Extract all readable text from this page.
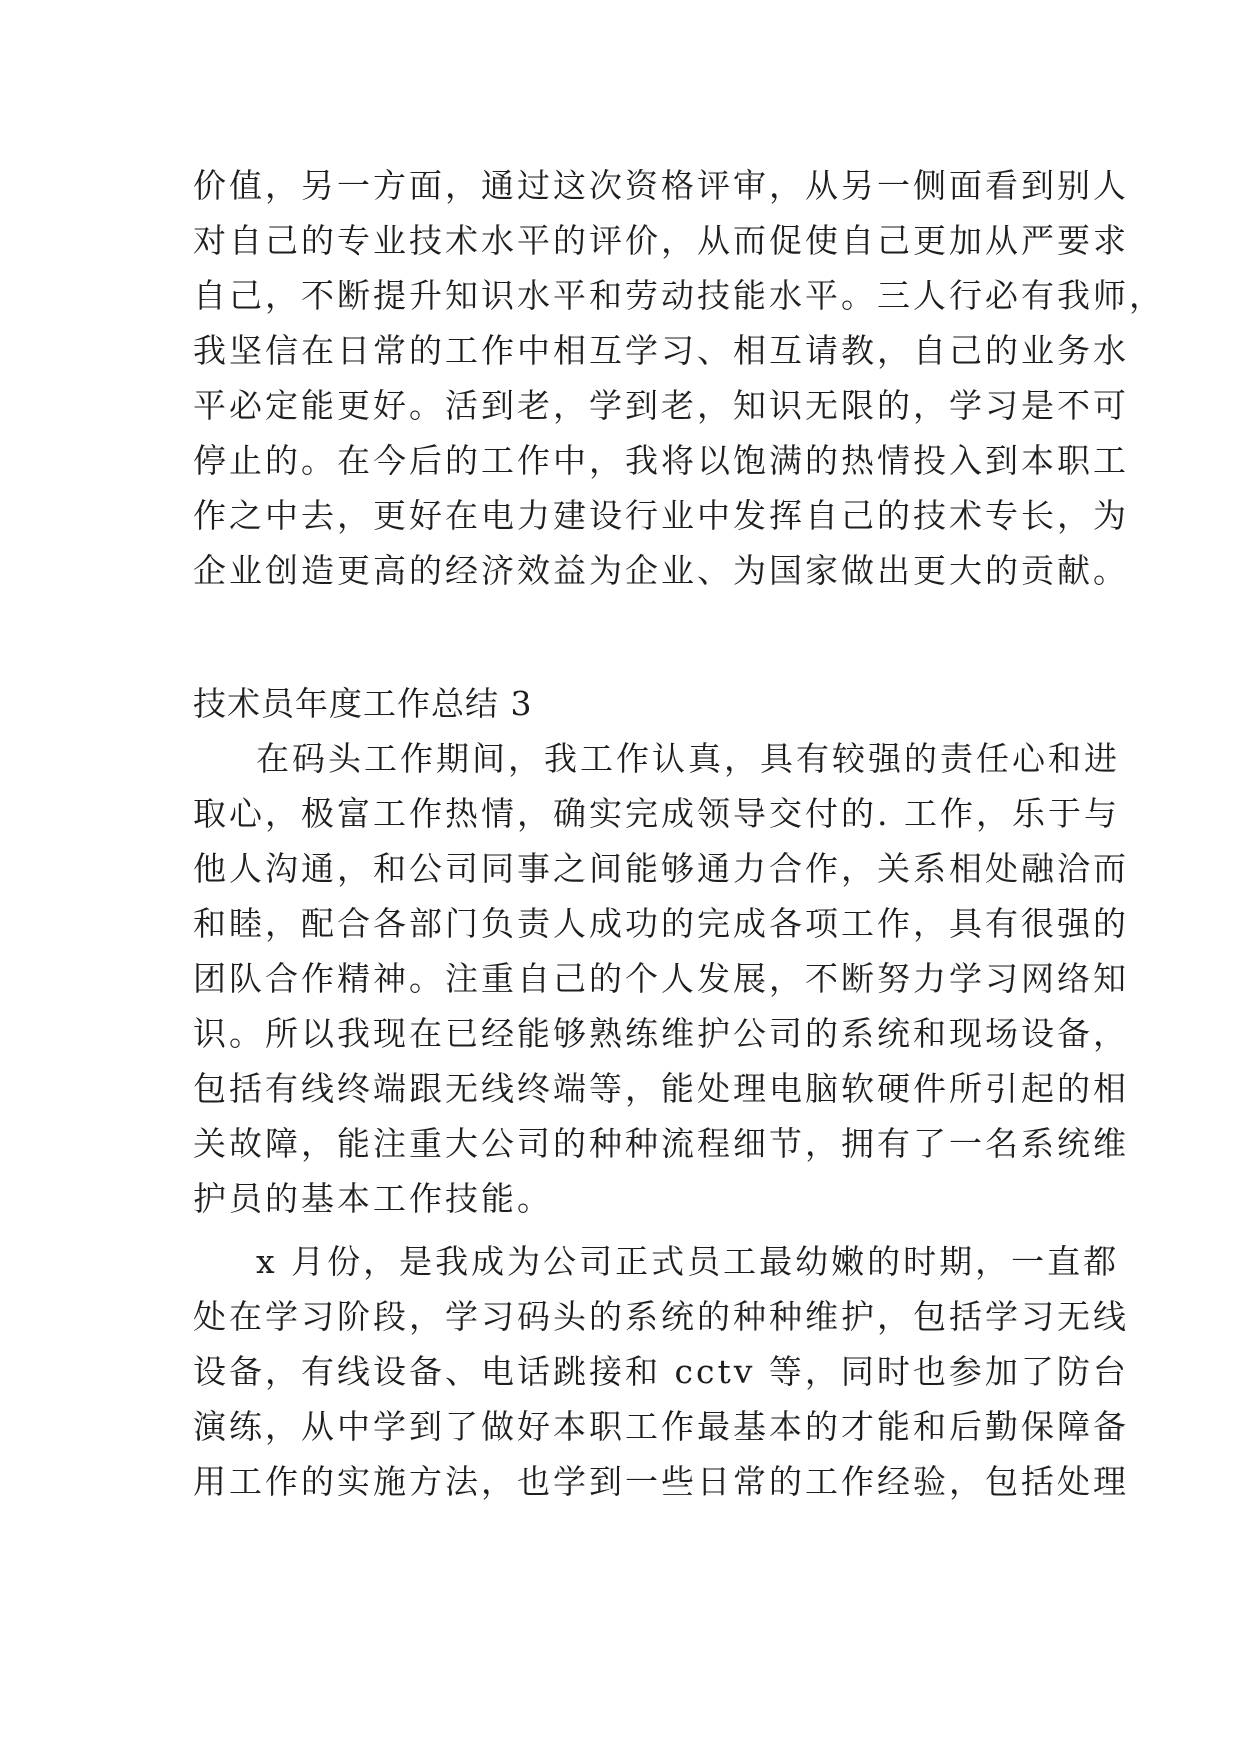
价值，另一方面，通过这次资格评审，从另一侧面看到别人
对自己的专业技术水平的评价，从而促使自己更加从严要求
自己，不断提升知识水平和劳动技能水平。三人行必有我师，
我坚信在日常的工作中相互学习、相互请教，自己的业务水
平必定能更好。活到老，学到老，知识无限的，学习是不可
停止的。在今后的工作中，我将以饱满的热情投入到本职工
作之中去，更好在电力建设行业中发挥自己的技术专长，为
企业创造更高的经济效益为企业、为国家做出更大的贡献。
技术员年度工作总结 3
在码头工作期间，我工作认真，具有较强的责任心和进
取心，极富工作热情，确实完成领导交付的. 工作，乐于与
他人沟通，和公司同事之间能够通力合作，关系相处融洽而
和睦，配合各部门负责人成功的完成各项工作，具有很强的
团队合作精神。注重自己的个人发展，不断努力学习网络知
识。所以我现在已经能够熟练维护公司的系统和现场设备，
包括有线终端跟无线终端等，能处理电脑软硬件所引起的相
关故障，能注重大公司的种种流程细节，拥有了一名系统维
护员的基本工作技能。
x 月份，是我成为公司正式员工最幼嫩的时期，一直都
处在学习阶段，学习码头的系统的种种维护，包括学习无线
设备，有线设备、电话跳接和 cctv 等，同时也参加了防台
演练，从中学到了做好本职工作最基本的才能和后勤保障备
用工作的实施方法，也学到一些日常的工作经验，包括处理
